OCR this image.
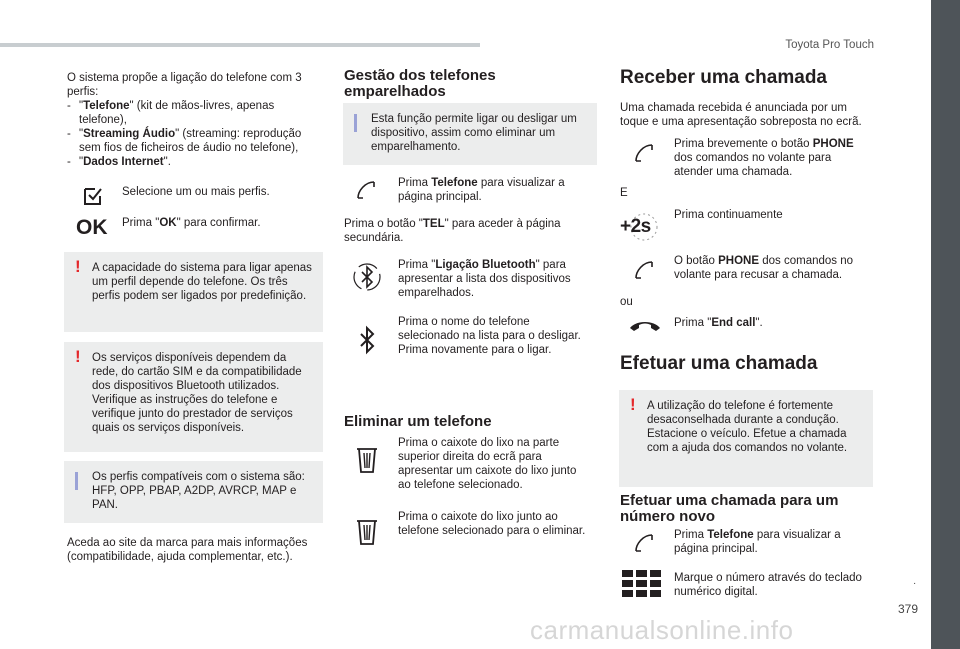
Toyota Pro Touch
.
379
carmanualsonline.info
O sistema propõe a ligação do telefone com 3 perfis:
- "Telefone" (kit de mãos-livres, apenas telefone),
- "Streaming Áudio" (streaming: reprodução sem fios de ficheiros de áudio no telefone),
- "Dados Internet".
Selecione um ou mais perfis.
OK Prima "OK" para confirmar.
! A capacidade do sistema para ligar apenas um perfil depende do telefone. Os três perfis podem ser ligados por predefinição.
! Os serviços disponíveis dependem da rede, do cartão SIM e da compatibilidade dos dispositivos Bluetooth utilizados. Verifique as instruções do telefone e verifique junto do prestador de serviços quais os serviços disponíveis.
Os perfis compatíveis com o sistema são: HFP, OPP, PBAP, A2DP, AVRCP, MAP e PAN.
Aceda ao site da marca para mais informações (compatibilidade, ajuda complementar, etc.).
Gestão dos telefones emparelhados
Esta função permite ligar ou desligar um dispositivo, assim como eliminar um emparelhamento.
Prima Telefone para visualizar a página principal.
Prima o botão "TEL" para aceder à página secundária.
Prima "Ligação Bluetooth" para apresentar a lista dos dispositivos emparelhados.
Prima o nome do telefone selecionado na lista para o desligar. Prima novamente para o ligar.
Eliminar um telefone
Prima o caixote do lixo na parte superior direita do ecrã para apresentar um caixote do lixo junto ao telefone selecionado.
Prima o caixote do lixo junto ao telefone selecionado para o eliminar.
Receber uma chamada
Uma chamada recebida é anunciada por um toque e uma apresentação sobreposta no ecrã.
Prima brevemente o botão PHONE dos comandos no volante para atender uma chamada.
E
+2s
Prima continuamente
O botão PHONE dos comandos no volante para recusar a chamada.
ou
Prima "End call".
Efetuar uma chamada
! A utilização do telefone é fortemente desaconselhada durante a condução. Estacione o veículo. Efetue a chamada com a ajuda dos comandos no volante.
Efetuar uma chamada para um número novo
Prima Telefone para visualizar a página principal.
Marque o número através do teclado numérico digital.
